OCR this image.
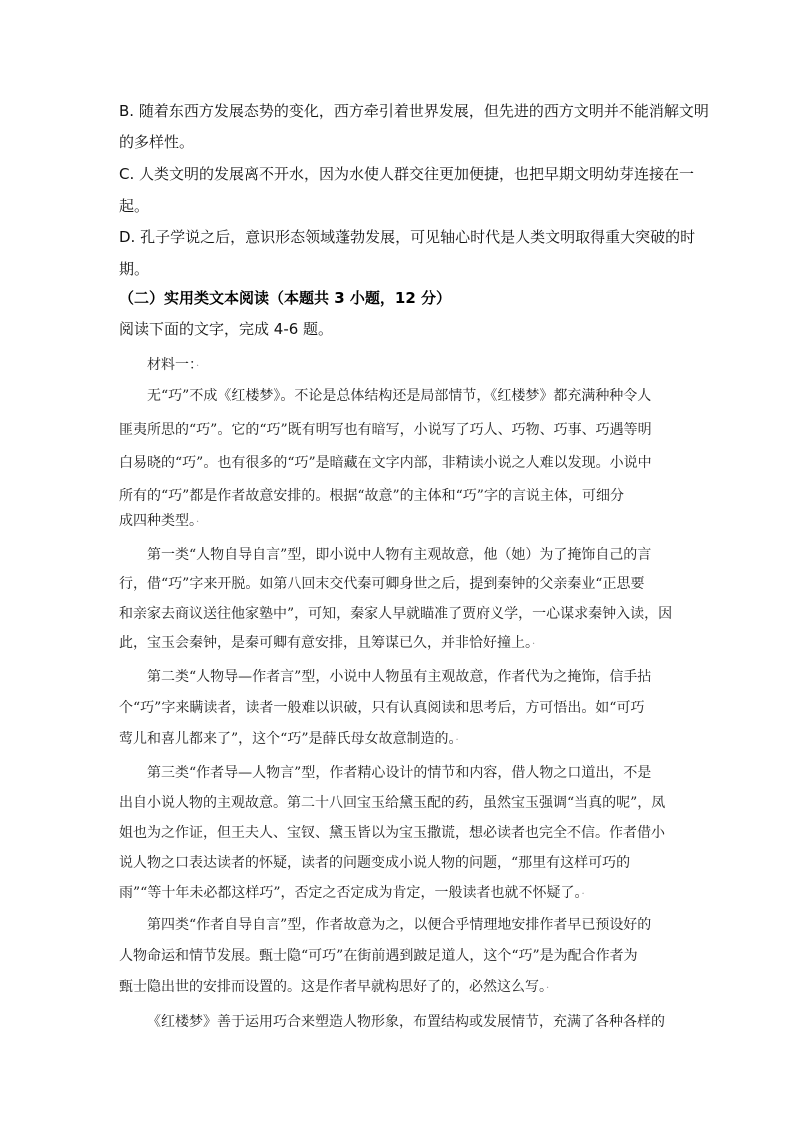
B. 随着东西方发展态势的变化，西方牵引着世界发展，但先进的西方文明并不能消解文明
的多样性。
C. 人类文明的发展离不开水，因为水使人群交往更加便捷，也把早期文明幼芽连接在一
起。
D. 孔子学说之后，意识形态领域蓬勃发展，可见轴心时代是人类文明取得重大突破的时
期。
（二）实用类文本阅读（本题共 3 小题，12 分）
阅读下面的文字，完成 4-6 题。
材料一：·
无“巧”不成《红楼梦》。不论是总体结构还是局部情节，《红楼梦》都充满种种令人
匪夷所思的“巧”。它的“巧”既有明写也有暗写，小说写了巧人、巧物、巧事、巧遇等明
白易晓的“巧”。也有很多的“巧”是暗藏在文字内部，非精读小说之人难以发现。小说中
所有的“巧”都是作者故意安排的。根据“故意”的主体和“巧”字的言说主体，可细分
成四种类型。·
第一类“人物自导自言”型，即小说中人物有主观故意，他（她）为了掩饰自己的言
行，借“巧”字来开脱。如第八回末交代秦可卿身世之后，提到秦钟的父亲秦业“正思要
和亲家去商议送往他家塾中”，可知，秦家人早就瞄准了贾府义学，一心谋求秦钟入读，因
此，宝玉会秦钟，是秦可卿有意安排，且筹谋已久，并非恰好撞上。·
第二类“人物导—作者言”型，小说中人物虽有主观故意，作者代为之掩饰，信手拈
个“巧”字来瞒读者，读者一般难以识破，只有认真阅读和思考后，方可悟出。如“可巧
莺儿和喜儿都来了”，这个“巧”是薛氏母女故意制造的。·
第三类“作者导—人物言”型，作者精心设计的情节和内容，借人物之口道出，不是
出自小说人物的主观故意。第二十八回宝玉给黛玉配的药，虽然宝玉强调“当真的呢”，凤
姐也为之作证，但王夫人、宝钗、黛玉皆以为宝玉撒谎，想必读者也完全不信。作者借小
说人物之口表达读者的怀疑，读者的问题变成小说人物的问题，“那里有这样可巧的
雨”“等十年未必都这样巧”，否定之否定成为肯定，一般读者也就不怀疑了。·
第四类“作者自导自言”型，作者故意为之，以便合乎情理地安排作者早已预设好的
人物命运和情节发展。甄士隐“可巧”在街前遇到跛足道人，这个“巧”是为配合作者为
甄士隐出世的安排而设置的。这是作者早就构思好了的，必然这么写。·
《红楼梦》善于运用巧合来塑造人物形象，布置结构或发展情节，充满了各种各样的
